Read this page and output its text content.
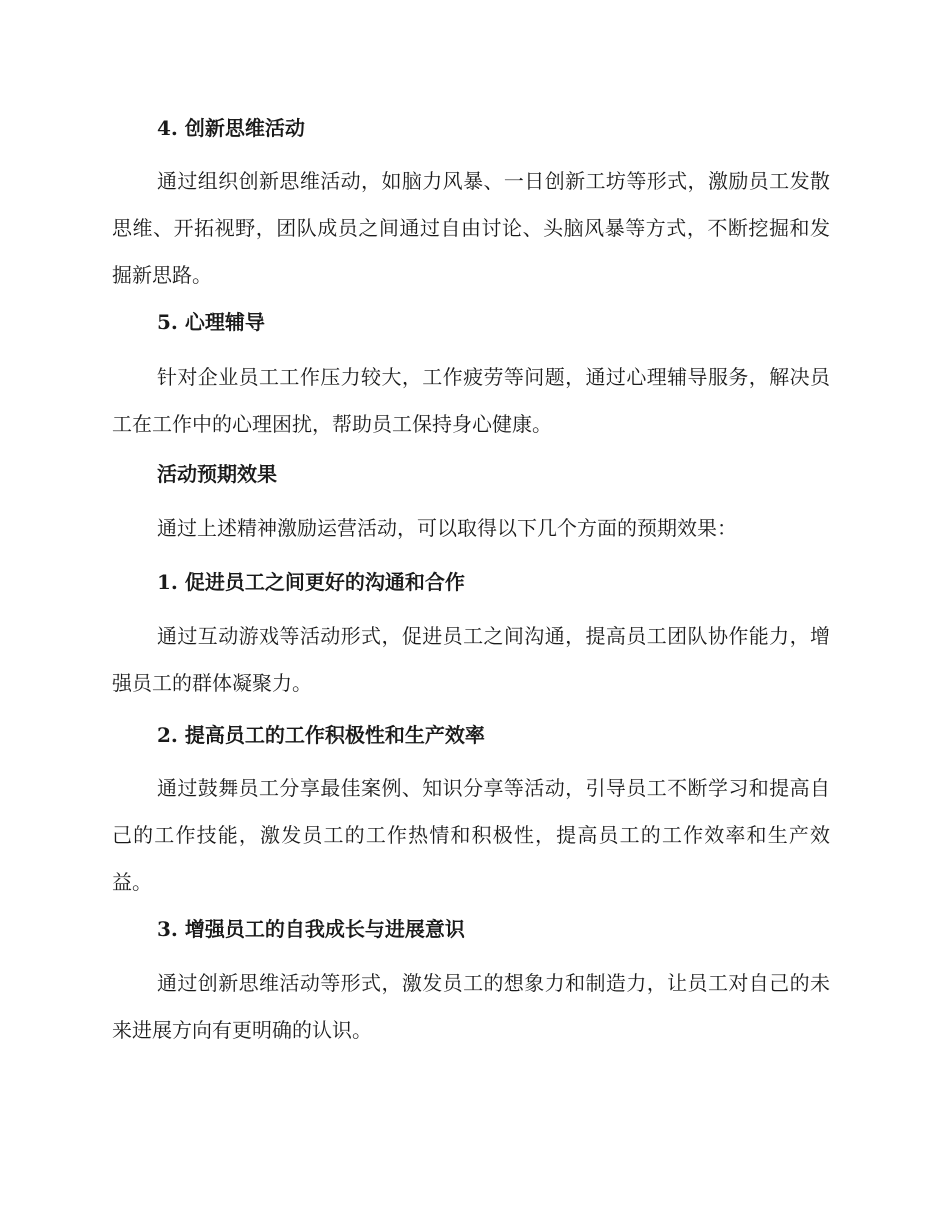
4. 创新思维活动

通过组织创新思维活动，如脑力风暴、一日创新工坊等形式，激励员工发散思维、开拓视野，团队成员之间通过自由讨论、头脑风暴等方式，不断挖掘和发掘新思路。

5. 心理辅导

针对企业员工工作压力较大，工作疲劳等问题，通过心理辅导服务，解决员工在工作中的心理困扰，帮助员工保持身心健康。

活动预期效果

通过上述精神激励运营活动，可以取得以下几个方面的预期效果：

1. 促进员工之间更好的沟通和合作

通过互动游戏等活动形式，促进员工之间沟通，提高员工团队协作能力，增强员工的群体凝聚力。

2. 提高员工的工作积极性和生产效率

通过鼓舞员工分享最佳案例、知识分享等活动，引导员工不断学习和提高自己的工作技能，激发员工的工作热情和积极性，提高员工的工作效率和生产效益。

3. 增强员工的自我成长与进展意识

通过创新思维活动等形式，激发员工的想象力和制造力，让员工对自己的未来进展方向有更明确的认识。
